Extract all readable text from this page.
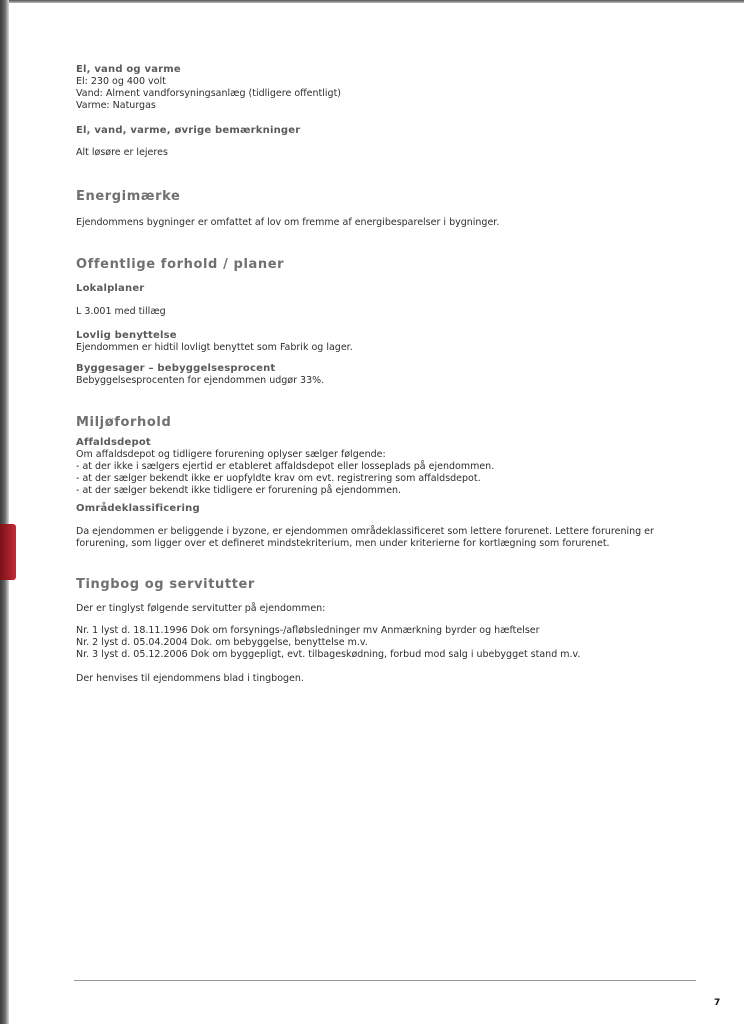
El, vand og varme

El: 230 og 400 volt

Vand: Alment vandforsyningsanlæg (tidligere offentligt)

Varme: Naturgas

El, vand, varme, øvrige bemærkninger

Alt løsøre er lejeres

Energimærke

Ejendommens bygninger er omfattet af lov om fremme af energibesparelser i bygninger.

Offentlige forhold / planer

Lokalplaner

L 3.001 med tillæg

Lovlig benyttelse

Ejendommen er hidtil lovligt benyttet som Fabrik og lager.

Byggesager – bebyggelsesprocent

Bebyggelsesprocenten for ejendommen udgør 33%.

Miljøforhold

Affaldsdepot

Om affaldsdepot og tidligere forurening oplyser sælger følgende:

- at der ikke i sælgers ejertid er etableret affaldsdepot eller losseplads på ejendommen.

- at der sælger bekendt ikke er uopfyldte krav om evt. registrering som affaldsdepot.

- at der sælger bekendt ikke tidligere er forurening på ejendommen.

Områdeklassificering

Da ejendommen er beliggende i byzone, er ejendommen områdeklassificeret som lettere forurenet. Lettere forurening er

forurening, som ligger over et defineret mindstekriterium, men under kriterierne for kortlægning som forurenet.

Tingbog og servitutter

Der er tinglyst følgende servitutter på ejendommen:

Nr. 1 lyst d. 18.11.1996 Dok om forsynings-/afløbsledninger mv Anmærkning byrder og hæftelser

Nr. 2 lyst d. 05.04.2004 Dok. om bebyggelse, benyttelse m.v.

Nr. 3 lyst d. 05.12.2006 Dok om byggepligt, evt. tilbageskødning, forbud mod salg i ubebygget stand m.v.

Der henvises til ejendommens blad i tingbogen.

7
